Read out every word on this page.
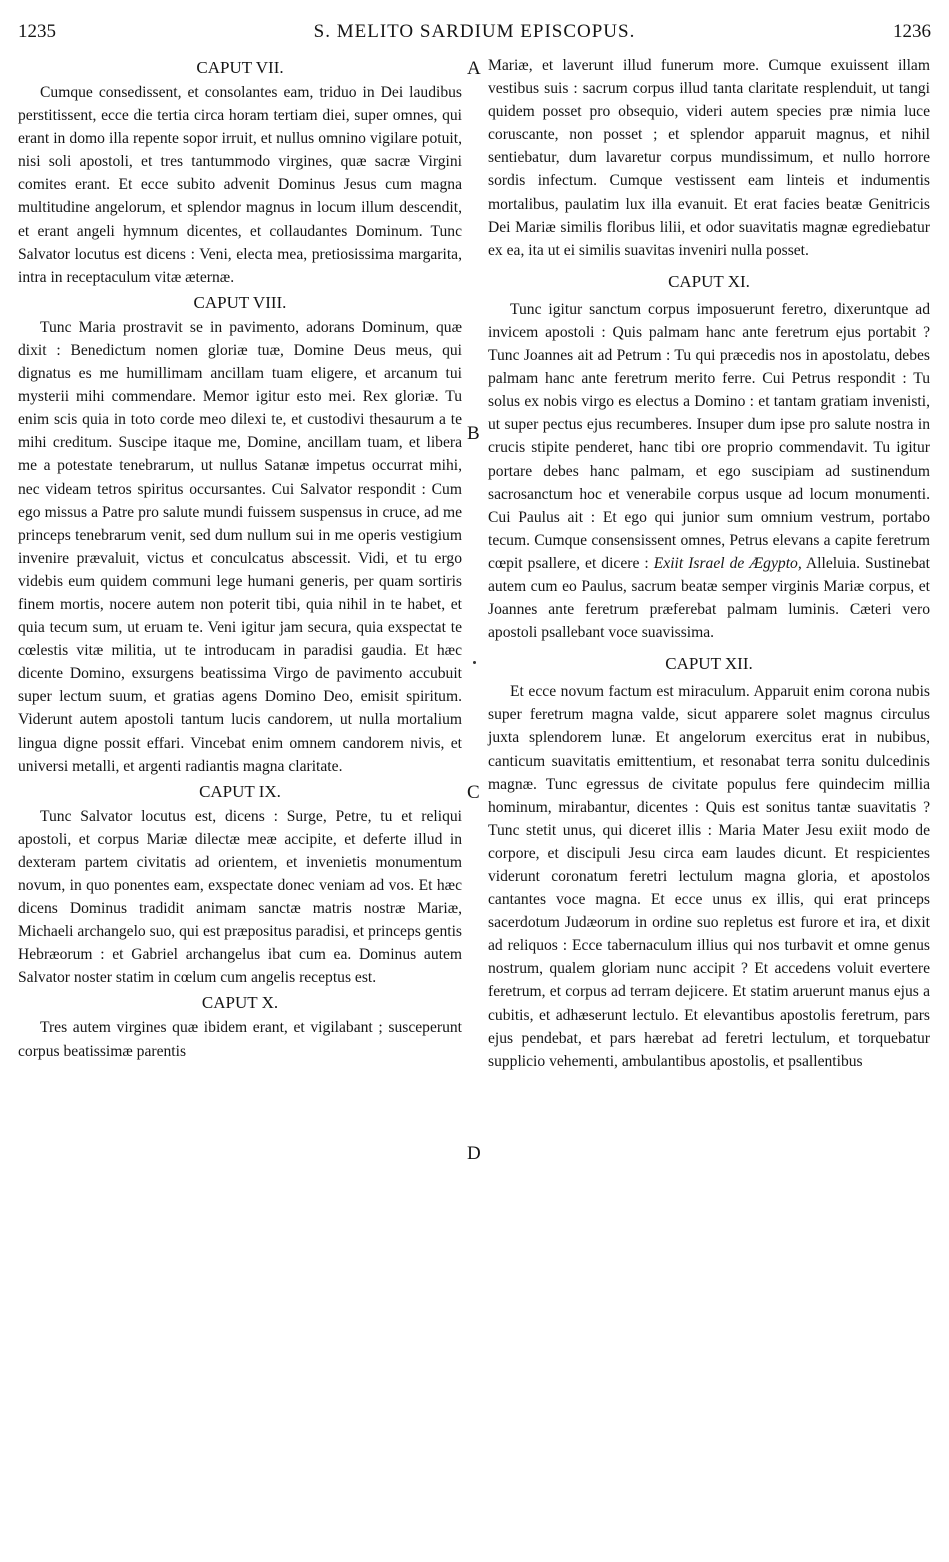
1235	S. MELITO SARDIUM EPISCOPUS.	1236
A
B
C
D
CAPUT VII.

Cumque consedissent, et consolantes eam, triduo in Dei laudibus perstitissent, ecce die tertia circa horam tertiam diei, super omnes, qui erant in domo illa repente sopor irruit, et nullus omnino vigilare potuit, nisi soli apostoli, et tres tantummodo virgines, quæ sacræ Virgini comites erant. Et ecce subito advenit Dominus Jesus cum magna multitudine angelorum, et splendor magnus in locum illum descendit, et erant angeli hymnum dicentes, et collaudantes Dominum. Tunc Salvator locutus est dicens : Veni, electa mea, pretiosissima margarita, intra in receptaculum vitæ æternæ.

CAPUT VIII.

Tunc Maria prostravit se in pavimento, adorans Dominum, quæ dixit : Benedictum nomen gloriæ tuæ, Domine Deus meus, qui dignatus es me humillimam ancillam tuam eligere, et arcanum tui mysterii mihi commendare. Memor igitur esto mei. Rex gloriæ. Tu enim scis quia in toto corde meo dilexi te, et custodivi thesaurum a te mihi creditum. Suscipe itaque me, Domine, ancillam tuam, et libera me a potestate tenebrarum, ut nullus Satanæ impetus occurrat mihi, nec videam tetros spiritus occursantes. Cui Salvator respondit : Cum ego missus a Patre pro salute mundi fuissem suspensus in cruce, ad me princeps tenebrarum venit, sed dum nullum sui in me operis vestigium invenire prævaluit, victus et conculcatus abscessit. Vidi, et tu ergo videbis eum quidem communi lege humani generis, per quam sortiris finem mortis, nocere autem non poterit tibi, quia nihil in te habet, et quia tecum sum, ut eruam te. Veni igitur jam secura, quia exspectat te cœlestis vitæ militia, ut te introducam in paradisi gaudia. Et hæc dicente Domino, exsurgens beatissima Virgo de pavimento accubuit super lectum suum, et gratias agens Domino Deo, emisit spiritum. Viderunt autem apostoli tantum lucis candorem, ut nulla mortalium lingua digne possit effari. Vincebat enim omnem candorem nivis, et universi metalli, et argenti radiantis magna claritate.

CAPUT IX.

Tunc Salvator locutus est, dicens : Surge, Petre, tu et reliqui apostoli, et corpus Mariæ dilectæ meæ accipite, et deferte illud in dexteram partem civitatis ad orientem, et invenietis monumentum novum, in quo ponentes eam, exspectate donec veniam ad vos. Et hæc dicens Dominus tradidit animam sanctæ matris nostræ Mariæ, Michaeli archangelo suo, qui est præpositus paradisi, et princeps gentis Hebræorum : et Gabriel archangelus ibat cum ea. Dominus autem Salvator noster statim in cœlum cum angelis receptus est.

CAPUT X.

Tres autem virgines quæ ibidem erant, et vigilabant ; susceperunt corpus beatissimæ parentis

Mariæ, et laverunt illud funerum more. Cumque exuissent illam vestibus suis : sacrum corpus illud tanta claritate resplenduit, ut tangi quidem posset pro obsequio, videri autem species præ nimia luce coruscante, non posset ; et splendor apparuit magnus, et nihil sentiebatur, dum lavaretur corpus mundissimum, et nullo horrore sordis infectum. Cumque vestissent eam linteis et indumentis mortalibus, paulatim lux illa evanuit. Et erat facies beatæ Genitricis Dei Mariæ similis floribus lilii, et odor suavitatis magnæ egrediebatur ex ea, ita ut ei similis suavitas inveniri nulla posset.

CAPUT XI.

Tunc igitur sanctum corpus imposuerunt feretro, dixeruntque ad invicem apostoli : Quis palmam hanc ante feretrum ejus portabit ? Tunc Joannes ait ad Petrum : Tu qui præcedis nos in apostolatu, debes palmam hanc ante feretrum merito ferre. Cui Petrus respondit : Tu solus ex nobis virgo es electus a Domino : et tantam gratiam invenisti, ut super pectus ejus recumberes. Insuper dum ipse pro salute nostra in crucis stipite penderet, hanc tibi ore proprio commendavit. Tu igitur portare debes hanc palmam, et ego suscipiam ad sustinendum sacrosanctum hoc et venerabile corpus usque ad locum monumenti. Cui Paulus ait : Et ego qui junior sum omnium vestrum, portabo tecum. Cumque consensissent omnes, Petrus elevans a capite feretrum cœpit psallere, et dicere : Exiit Israel de Ægypto, Alleluia. Sustinebat autem cum eo Paulus, sacrum beatæ semper virginis Mariæ corpus, et Joannes ante feretrum præferebat palmam luminis. Cæteri vero apostoli psallebant voce suavissima.

CAPUT XII.

Et ecce novum factum est miraculum. Apparuit enim corona nubis super feretrum magna valde, sicut apparere solet magnus circulus juxta splendorem lunæ. Et angelorum exercitus erat in nubibus, canticum suavitatis emittentium, et resonabat terra sonitu dulcedinis magnæ. Tunc egressus de civitate populus fere quindecim millia hominum, mirabantur, dicentes : Quis est sonitus tantæ suavitatis ? Tunc stetit unus, qui diceret illis : Maria Mater Jesu exiit modo de corpore, et discipuli Jesu circa eam laudes dicunt. Et respicientes viderunt coronatum feretri lectulum magna gloria, et apostolos cantantes voce magna. Et ecce unus ex illis, qui erat princeps sacerdotum Judæorum in ordine suo repletus est furore et ira, et dixit ad reliquos : Ecce tabernaculum illius qui nos turbavit et omne genus nostrum, qualem gloriam nunc accipit ? Et accedens voluit evertere feretrum, et corpus ad terram dejicere. Et statim aruerunt manus ejus a cubitis, et adhæserunt lectulo. Et elevantibus apostolis feretrum, pars ejus pendebat, et pars hærebat ad feretri lectulum, et torquebatur supplicio vehementi, ambulantibus apostolis, et psallentibus
